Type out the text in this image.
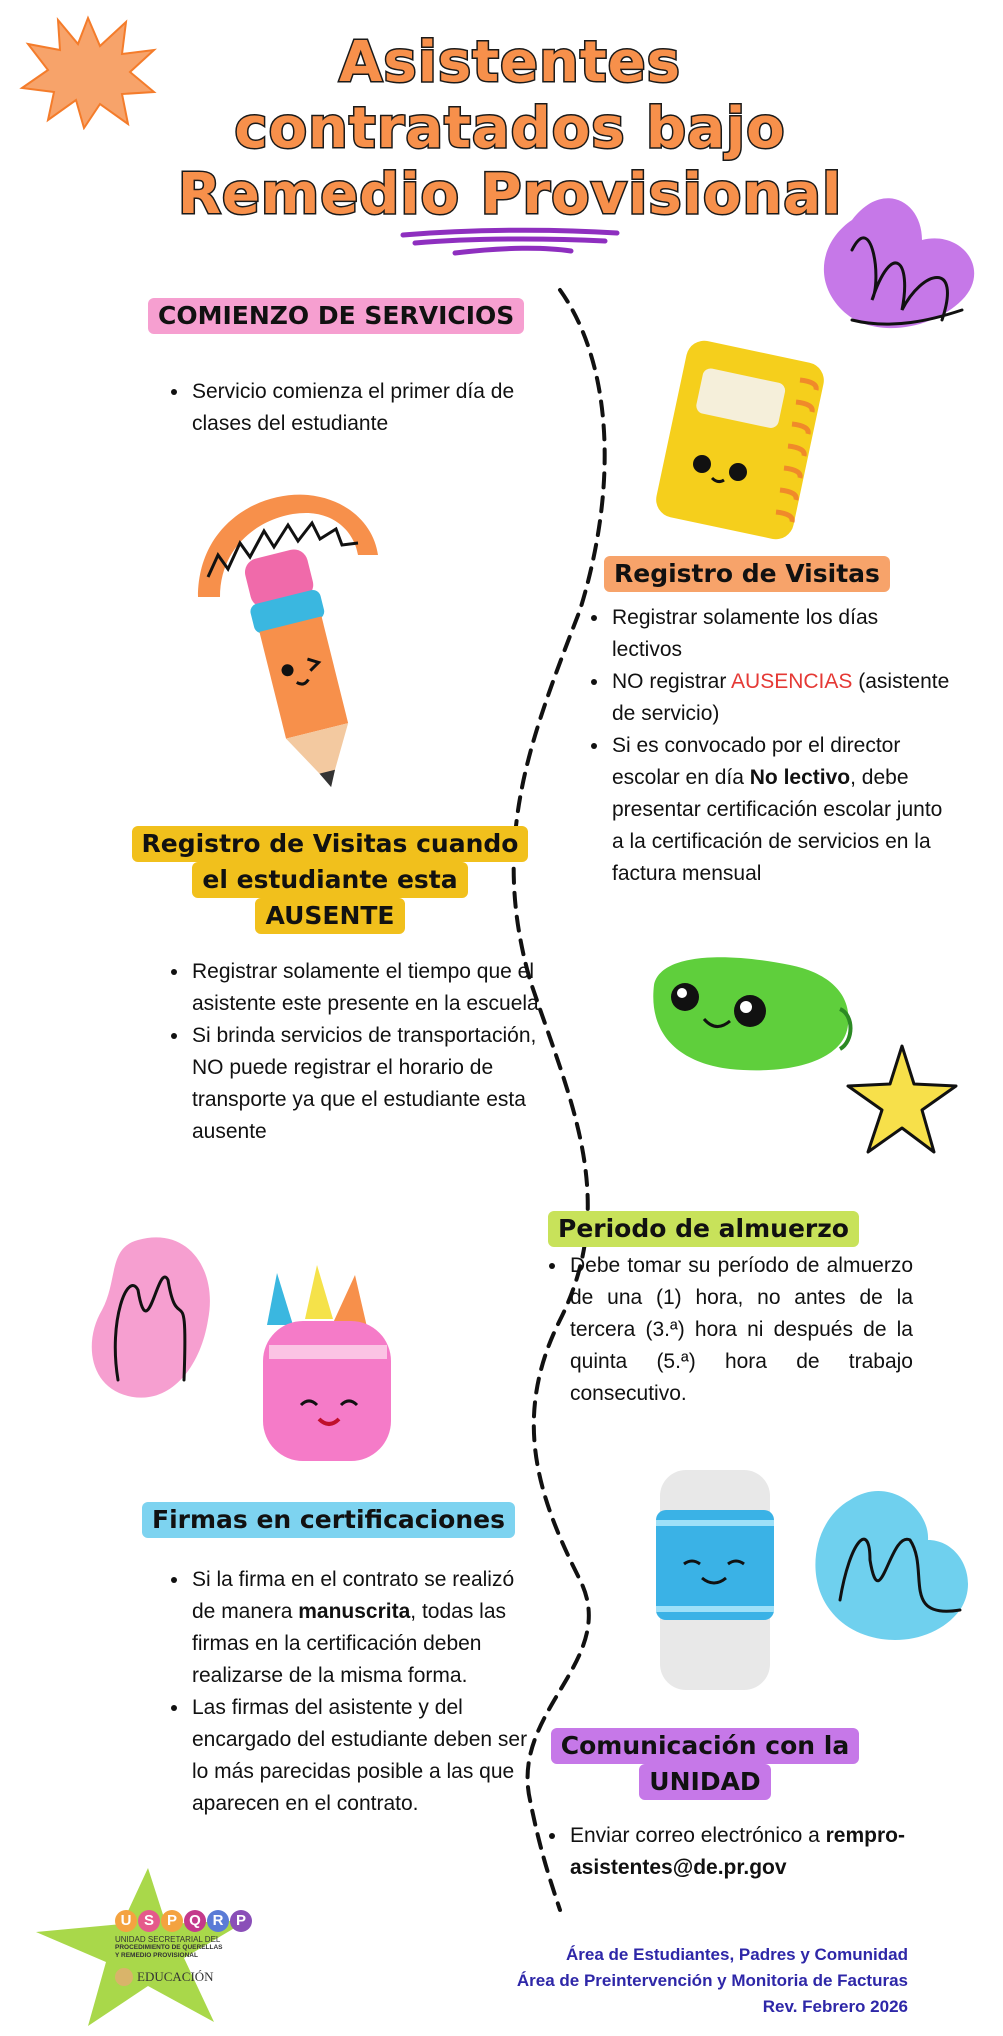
Asistentes
contratados bajo
Remedio Provisional
COMIENZO DE SERVICIOS
• Servicio comienza el primer día de clases del estudiante
Registro de Visitas
• Registrar solamente los días lectivos
• NO registrar AUSENCIAS (asistente de servicio)
• Si es convocado por el director escolar en día No lectivo, debe presentar certificación escolar junto a la certificación de servicios en la factura mensual
Registro de Visitas cuando
el estudiante esta
AUSENTE
• Registrar solamente el tiempo que el asistente este presente en la escuela
• Si brinda servicios de transportación, NO puede registrar el horario de transporte ya que el estudiante esta ausente
Periodo de almuerzo
• Debe tomar su período de almuerzo de una (1) hora, no antes de la tercera (3.ª) hora ni después de la quinta (5.ª) hora de trabajo consecutivo.
Firmas en certificaciones
• Si la firma en el contrato se realizó de manera manuscrita, todas las firmas en la certificación deben realizarse de la misma forma.
• Las firmas del asistente y del encargado del estudiante deben ser lo más parecidas posible a las que aparecen en el contrato.
Comunicación con la
UNIDAD
• Enviar correo electrónico a rempro-asistentes@de.pr.gov
U S P Q R P
UNIDAD SECRETARIAL DEL
PROCEDIMIENTO DE QUERELLAS
Y REMEDIO PROVISIONAL
EDUCACIÓN
Área de Estudiantes, Padres y Comunidad
Área de Preintervención y Monitoria de Facturas
Rev. Febrero 2026
